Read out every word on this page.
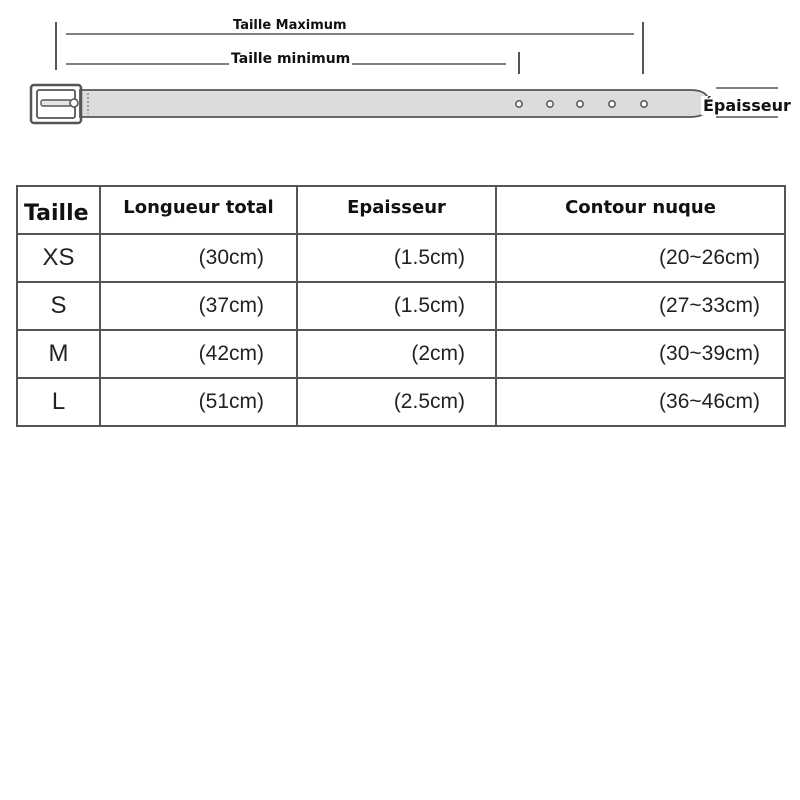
Taille Maximum
Taille minimum
Épaisseur
Taille	Longueur total	Epaisseur	Contour nuque
XS	(30cm)	(1.5cm)	(20~26cm)
S	(37cm)	(1.5cm)	(27~33cm)
M	(42cm)	(2cm)	(30~39cm)
L	(51cm)	(2.5cm)	(36~46cm)
